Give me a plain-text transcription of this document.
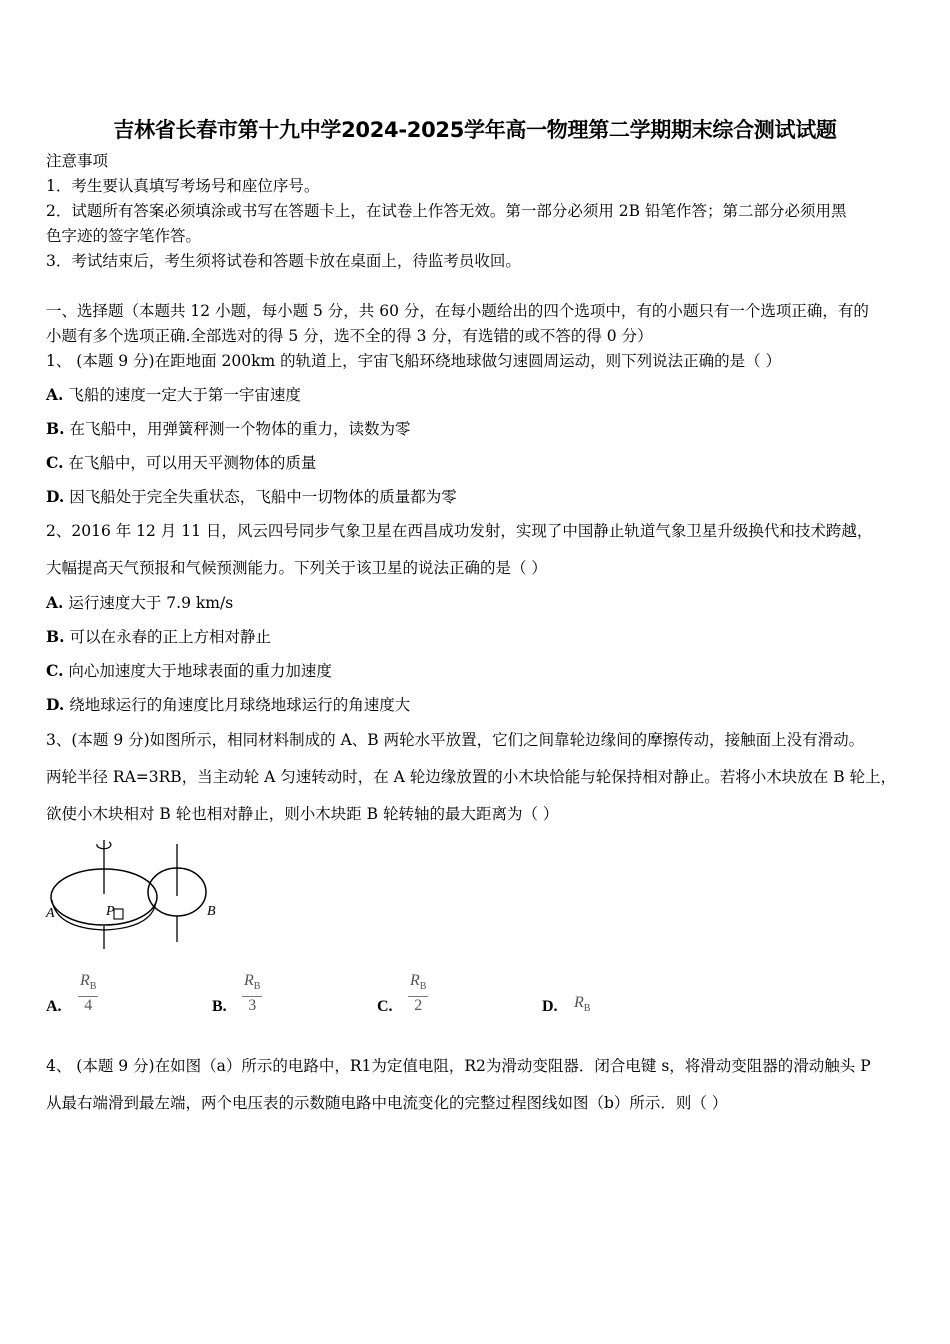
吉林省长春市第十九中学2024-2025学年高一物理第二学期期末综合测试试题
注意事项
1．考生要认真填写考场号和座位序号。
2．试题所有答案必须填涂或书写在答题卡上，在试卷上作答无效。第一部分必须用 2B 铅笔作答；第二部分必须用黑
色字迹的签字笔作答。
3．考试结束后，考生须将试卷和答题卡放在桌面上，待监考员收回。
一、选择题（本题共 12 小题，每小题 5 分，共 60 分，在每小题给出的四个选项中，有的小题只有一个选项正确，有的
小题有多个选项正确.全部选对的得 5 分，选不全的得 3 分，有选错的或不答的得 0 分）
1、 (本题 9 分)在距地面 200km 的轨道上，宇宙飞船环绕地球做匀速圆周运动，则下列说法正确的是（ ）
A. 飞船的速度一定大于第一宇宙速度
B. 在飞船中，用弹簧秤测一个物体的重力，读数为零
C. 在飞船中，可以用天平测物体的质量
D. 因飞船处于完全失重状态，飞船中一切物体的质量都为零
2、2016 年 12 月 11 日，风云四号同步气象卫星在西昌成功发射，实现了中国静止轨道气象卫星升级换代和技术跨越，
大幅提高天气预报和气候预测能力。下列关于该卫星的说法正确的是（ ）
A. 运行速度大于 7.9 km/s
B. 可以在永春的正上方相对静止
C. 向心加速度大于地球表面的重力加速度
D. 绕地球运行的角速度比月球绕地球运行的角速度大
3、(本题 9 分)如图所示，相同材料制成的 A、B 两轮水平放置，它们之间靠轮边缘间的摩擦传动，接触面上没有滑动。
两轮半径 RA=3RB，当主动轮 A 匀速转动时，在 A 轮边缘放置的小木块恰能与轮保持相对静止。若将小木块放在 B 轮上，
欲使小木块相对 B 轮也相对静止，则小木块距 B 轮转轴的最大距离为（ ）
A	P	B
A. $\frac{R_B}{4}$	B. $\frac{R_B}{3}$	C. $\frac{R_B}{2}$	D. $R_B$
4、 (本题 9 分)在如图（a）所示的电路中，R1为定值电阻，R2为滑动变阻器．闭合电键 s，将滑动变阻器的滑动触头 P
从最右端滑到最左端，两个电压表的示数随电路中电流变化的完整过程图线如图（b）所示．则（ ）
